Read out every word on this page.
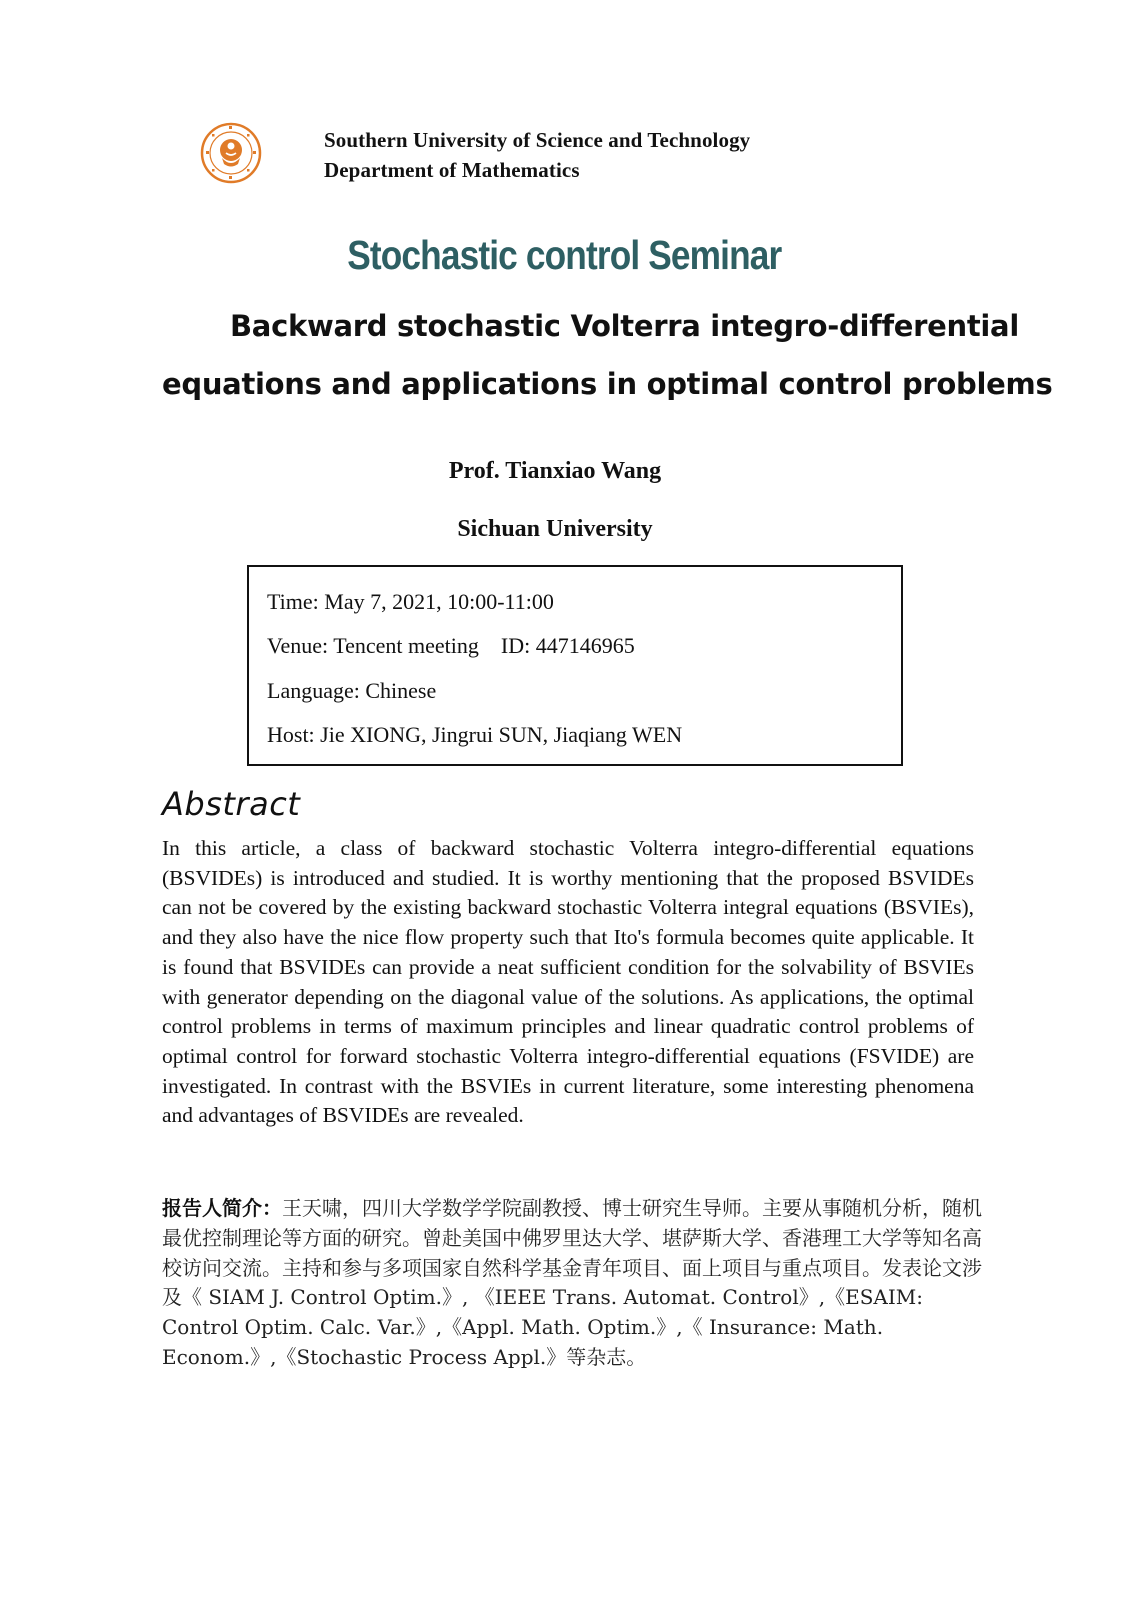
Southern University of Science and Technology
Department of Mathematics
Stochastic control Seminar
Backward stochastic Volterra integro-differential
equations and applications in optimal control problems
Prof. Tianxiao Wang
Sichuan University
Time: May 7, 2021, 10:00-11:00
Venue: Tencent meeting ID: 447146965
Language: Chinese
Host: Jie XIONG, Jingrui SUN, Jiaqiang WEN
Abstract
In this article, a class of backward stochastic Volterra integro-differential equations (BSVIDEs) is introduced and studied. It is worthy mentioning that the proposed BSVIDEs can not be covered by the existing backward stochastic Volterra integral equations (BSVIEs), and they also have the nice flow property such that Ito's formula becomes quite applicable. It is found that BSVIDEs can provide a neat sufficient condition for the solvability of BSVIEs with generator depending on the diagonal value of the solutions. As applications, the optimal control problems in terms of maximum principles and linear quadratic control problems of optimal control for forward stochastic Volterra integro-differential equations (FSVIDE) are investigated. In contrast with the BSVIEs in current literature, some interesting phenomena and advantages of BSVIDEs are revealed.
报告人简介：王天啸，四川大学数学学院副教授、博士研究生导师。主要从事随机分析，随机最优控制理论等方面的研究。曾赴美国中佛罗里达大学、堪萨斯大学、香港理工大学等知名高校访问交流。主持和参与多项国家自然科学基金青年项目、面上项目与重点项目。发表论文涉及《 SIAM J. Control Optim.》, 《IEEE Trans. Automat. Control》,《ESAIM: Control Optim. Calc. Var.》,《Appl. Math. Optim.》,《 Insurance: Math. Econom.》,《Stochastic Process Appl.》等杂志。
